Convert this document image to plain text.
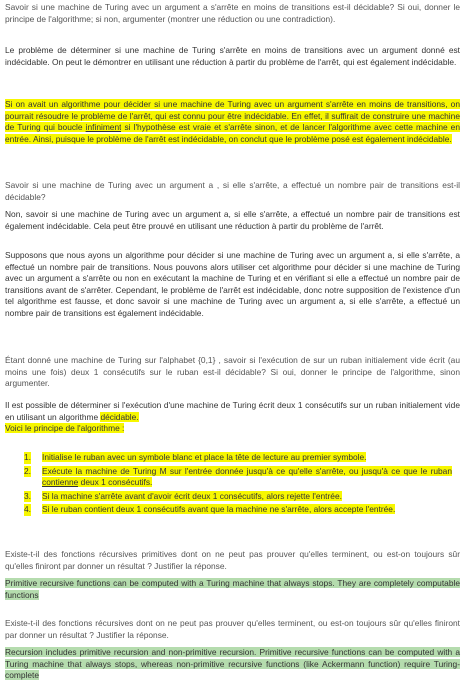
Savoir si une machine de Turing avec un argument a s'arrête en moins de transitions est-il décidable? Si oui, donner le principe de l'algorithme; si non, argumenter (montrer une réduction ou une contradiction).

Le problème de déterminer si une machine de Turing s'arrête en moins de transitions avec un argument donné est indécidable. On peut le démontrer en utilisant une réduction à partir du problème de l'arrêt, qui est également indécidable.

Si on avait un algorithme pour décider si une machine de Turing avec un argument s'arrête en moins de transitions, on pourrait résoudre le problème de l'arrêt, qui est connu pour être indécidable. En effet, il suffirait de construire une machine de Turing qui boucle infiniment si l'hypothèse est vraie et s'arrête sinon, et de lancer l'algorithme avec cette machine en entrée. Ainsi, puisque le problème de l'arrêt est indécidable, on conclut que le problème posé est également indécidable.

Savoir si une machine de Turing avec un argument a , si elle s'arrête, a effectué un nombre pair de transitions est-il décidable?

Non, savoir si une machine de Turing avec un argument a, si elle s'arrête, a effectué un nombre pair de transitions est également indécidable. Cela peut être prouvé en utilisant une réduction à partir du problème de l'arrêt.

Supposons que nous ayons un algorithme pour décider si une machine de Turing avec un argument a, si elle s'arrête, a effectué un nombre pair de transitions. Nous pouvons alors utiliser cet algorithme pour décider si une machine de Turing avec un argument a s'arrête ou non en exécutant la machine de Turing et en vérifiant si elle a effectué un nombre pair de transitions avant de s'arrêter. Cependant, le problème de l'arrêt est indécidable, donc notre supposition de l'existence d'un tel algorithme est fausse, et donc savoir si une machine de Turing avec un argument a, si elle s'arrête, a effectué un nombre pair de transitions est également indécidable.

Étant donné une machine de Turing sur l'alphabet {0,1} , savoir si l'exécution de sur un ruban initialement vide écrit (au moins une fois) deux 1 consécutifs sur le ruban est-il décidable? Si oui, donner le principe de l'algorithme, sinon argumenter.

Il est possible de déterminer si l'exécution d'une machine de Turing écrit deux 1 consécutifs sur un ruban initialement vide en utilisant un algorithme décidable.
Voici le principe de l'algorithme :

1. Initialise le ruban avec un symbole blanc et place la tête de lecture au premier symbole.
2. Exécute la machine de Turing M sur l'entrée donnée jusqu'à ce qu'elle s'arrête, ou jusqu'à ce que le ruban contienne deux 1 consécutifs.
3. Si la machine s'arrête avant d'avoir écrit deux 1 consécutifs, alors rejette l'entrée.
4. Si le ruban contient deux 1 consécutifs avant que la machine ne s'arrête, alors accepte l'entrée.

Existe-t-il des fonctions récursives primitives dont on ne peut pas prouver qu'elles terminent, ou est-on toujours sûr qu'elles finiront par donner un résultat ? Justifier la réponse.

Primitive recursive functions can be computed with a Turing machine that always stops. They are completely computable functions

Existe-t-il des fonctions récursives dont on ne peut pas prouver qu'elles terminent, ou est-on toujours sûr qu'elles finiront par donner un résultat ? Justifier la réponse.

Recursion includes primitive recursion and non-primitive recursion. Primitive recursive functions can be computed with a Turing machine that always stops, whereas non-primitive recursive functions (like Ackermann function) require Turing-complete
